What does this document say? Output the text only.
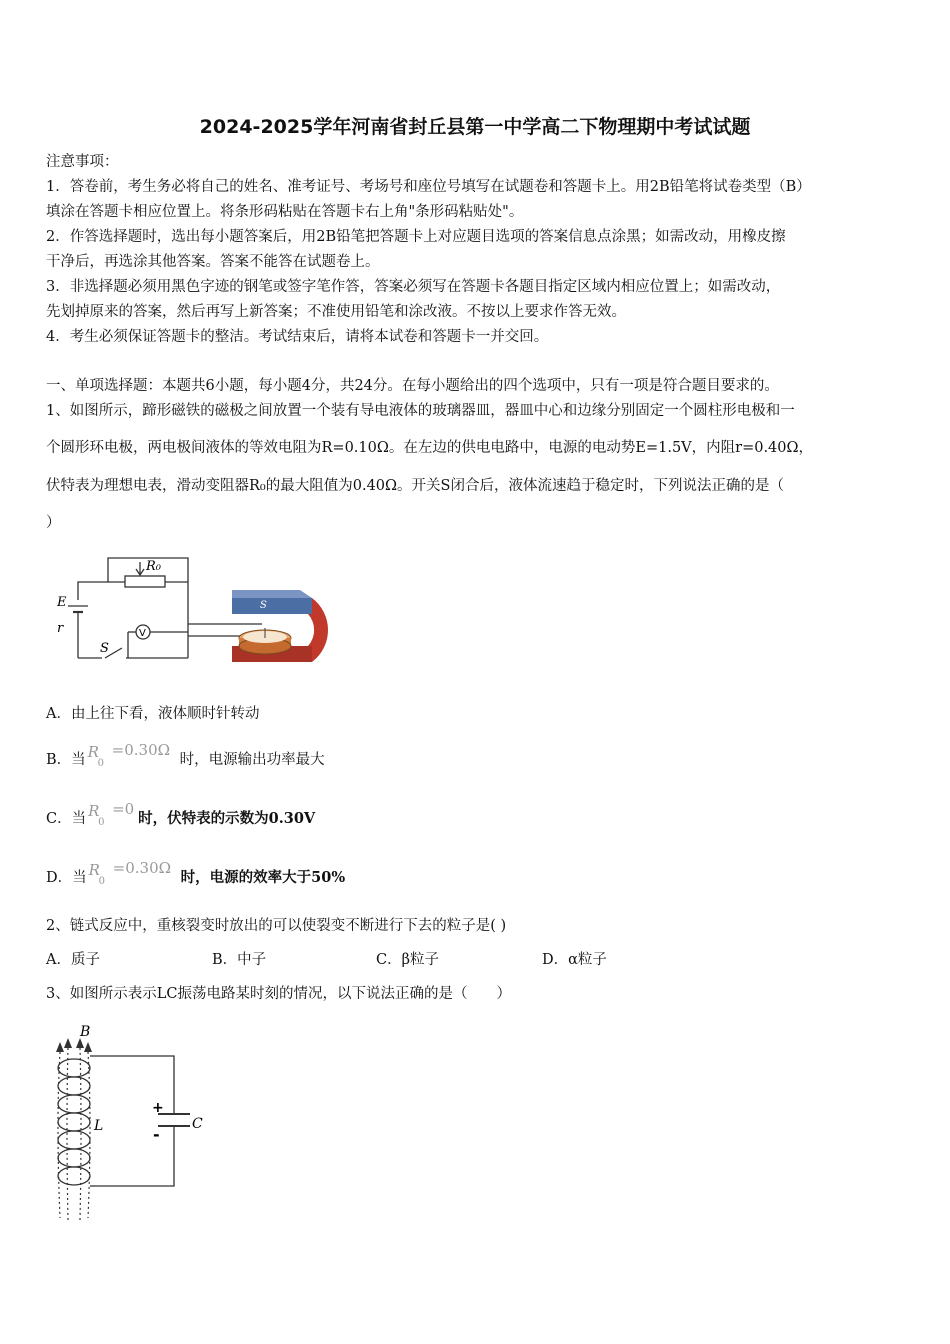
2024-2025学年河南省封丘县第一中学高二下物理期中考试试题
注意事项：
1．答卷前，考生务必将自己的姓名、准考证号、考场号和座位号填写在试题卷和答题卡上。用2B铅笔将试卷类型（B）
填涂在答题卡相应位置上。将条形码粘贴在答题卡右上角"条形码粘贴处"。
2．作答选择题时，选出每小题答案后，用2B铅笔把答题卡上对应题目选项的答案信息点涂黑；如需改动，用橡皮擦
干净后，再选涂其他答案。答案不能答在试题卷上。
3．非选择题必须用黑色字迹的钢笔或签字笔作答，答案必须写在答题卡各题目指定区域内相应位置上；如需改动，
先划掉原来的答案，然后再写上新答案；不准使用铅笔和涂改液。不按以上要求作答无效。
4．考生必须保证答题卡的整洁。考试结束后，请将本试卷和答题卡一并交回。
一、单项选择题：本题共6小题，每小题4分，共24分。在每小题给出的四个选项中，只有一项是符合题目要求的。
1、如图所示，蹄形磁铁的磁极之间放置一个装有导电液体的玻璃器皿，器皿中心和边缘分别固定一个圆柱形电极和一
个圆形环电极，两电极间液体的等效电阻为R=0.10Ω。在左边的供电电路中，电源的电动势E=1.5V，内阻r=0.40Ω，
伏特表为理想电表，滑动变阻器R₀的最大阻值为0.40Ω。开关S闭合后，液体流速趋于稳定时，下列说法正确的是（
）
S
R₀
E
r
S
V
A．由上往下看，液体顺时针转动
B．当 R
0
=0.30Ω
时，电源输出功率最大
C．当 R
0
=0
时，伏特表的示数为0.30V
D．当 R
0
=0.30Ω
时，电源的效率大于50%
2、链式反应中，重核裂变时放出的可以使裂变不断进行下去的粒子是( )
A．质子	B．中子	C．β粒子	D．α粒子
3、如图所示表示LC振荡电路某时刻的情况，以下说法正确的是（　　）
B
L	C
+
-
